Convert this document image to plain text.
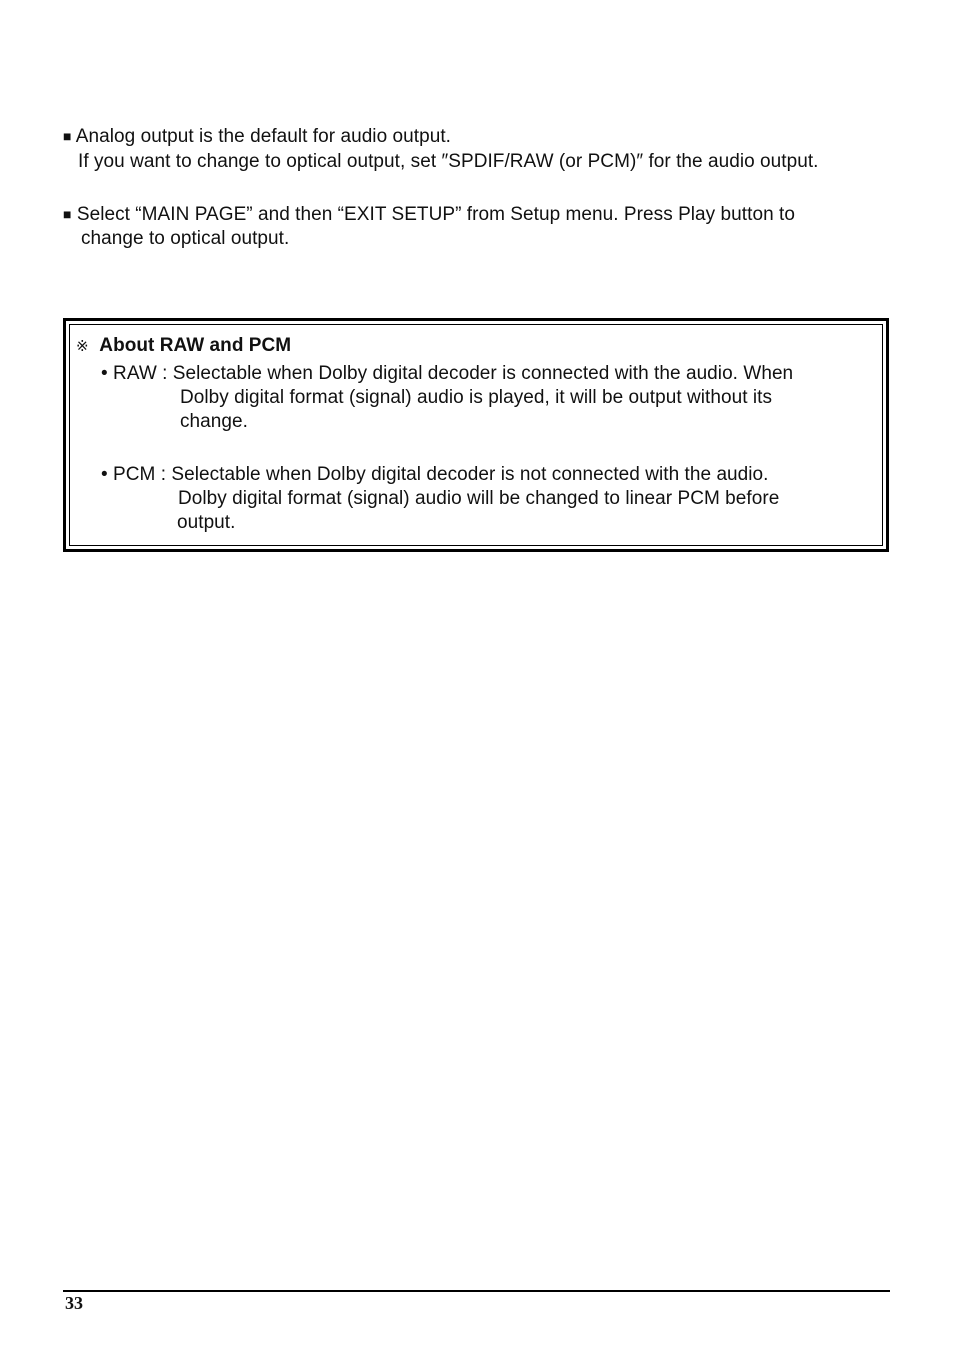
■ Analog output is the default for audio output.
If you want to change to optical output, set ″SPDIF/RAW (or PCM)″ for the audio output.
■ Select “MAIN PAGE” and then “EXIT SETUP” from Setup menu. Press Play button to
change to optical output.
※ About RAW and PCM
• RAW : Selectable when Dolby digital decoder is connected with the audio. When
Dolby digital format (signal) audio is played, it will be output without its
change.
• PCM : Selectable when Dolby digital decoder is not connected with the audio.
Dolby digital format (signal) audio will be changed to linear PCM before
output.
33
